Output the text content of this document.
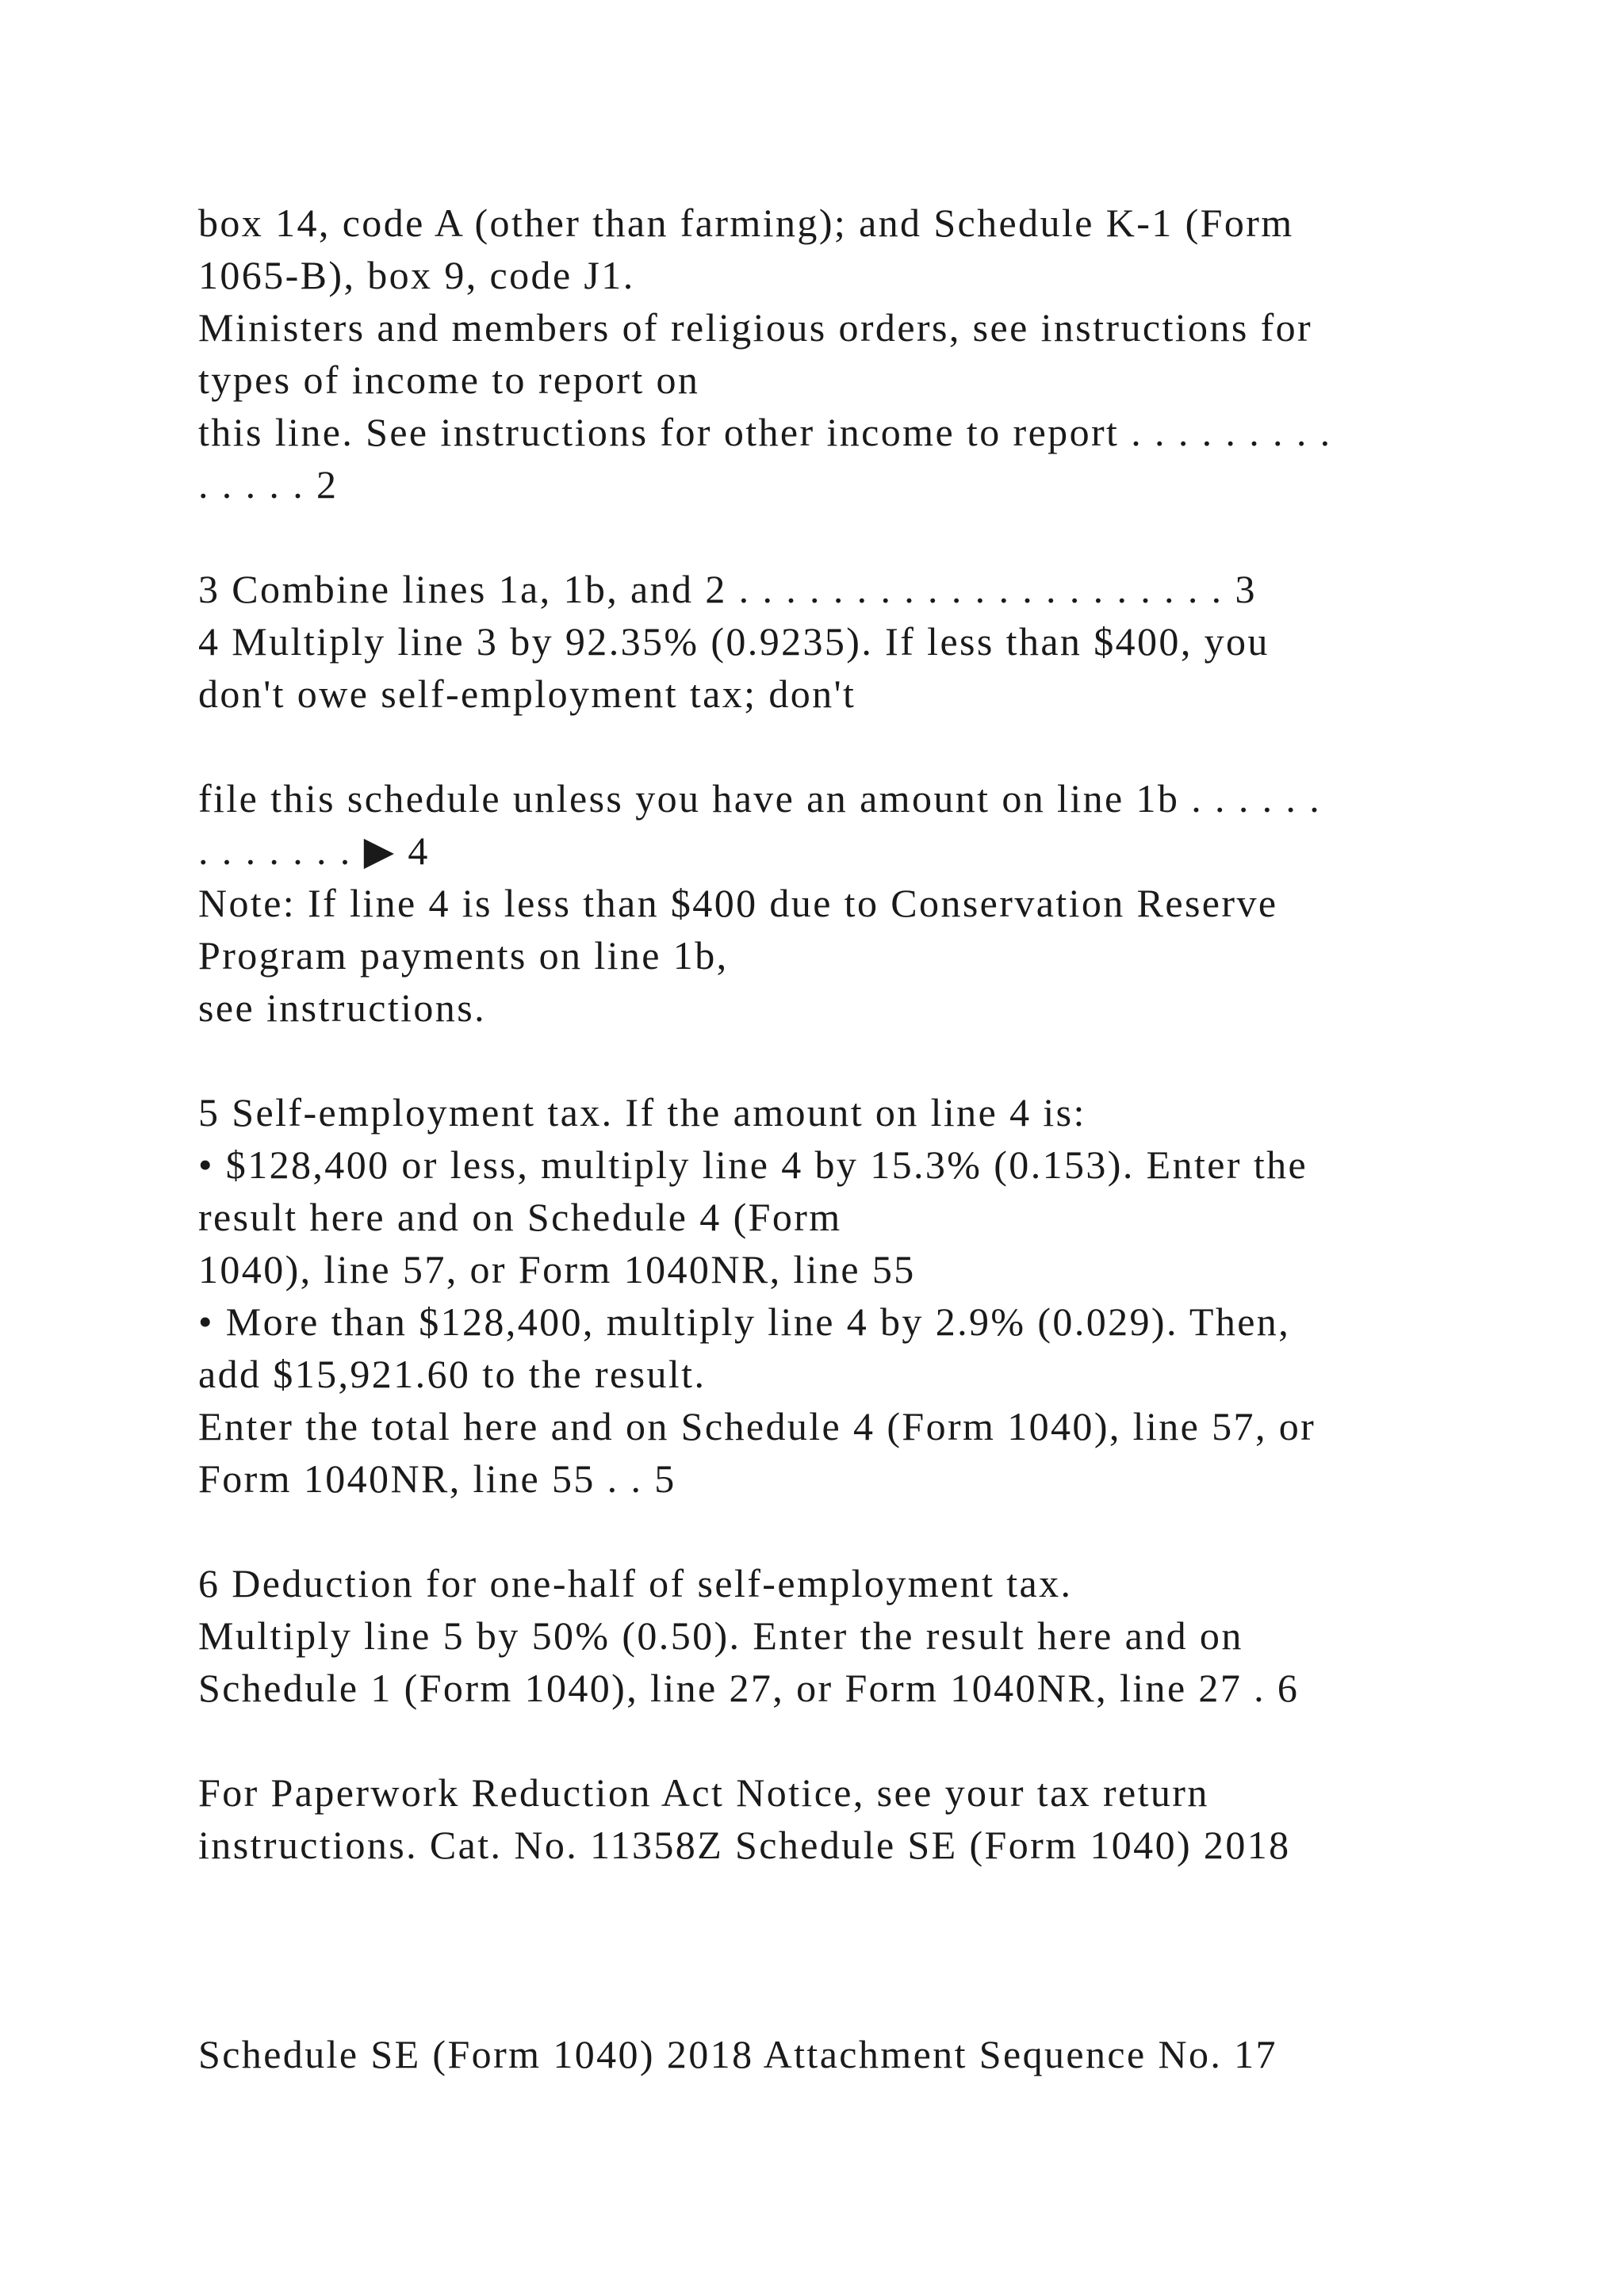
box 14, code A (other than farming); and Schedule K-1 (Form

1065-B), box 9, code J1.

Ministers and members of religious orders, see instructions for

types of income to report on

this line. See instructions for other income to report . . . . . . . . .

. . . . . 2

3 Combine lines 1a, 1b, and 2 . . . . . . . . . . . . . . . . . . . . . 3

4 Multiply line 3 by 92.35% (0.9235). If less than $400, you

don't owe self-employment tax; don't

file this schedule unless you have an amount on line 1b . . . . . .

. . . . . . . ▶ 4

Note: If line 4 is less than $400 due to Conservation Reserve

Program payments on line 1b,

see instructions.

5 Self-employment tax. If the amount on line 4 is:

• $128,400 or less, multiply line 4 by 15.3% (0.153). Enter the

result here and on Schedule 4 (Form

1040), line 57, or Form 1040NR, line 55

• More than $128,400, multiply line 4 by 2.9% (0.029). Then,

add $15,921.60 to the result.

Enter the total here and on Schedule 4 (Form 1040), line 57, or

Form 1040NR, line 55 . . 5

6 Deduction for one-half of self-employment tax.

Multiply line 5 by 50% (0.50). Enter the result here and on

Schedule 1 (Form 1040), line 27, or Form 1040NR, line 27 . 6

For Paperwork Reduction Act Notice, see your tax return

instructions. Cat. No. 11358Z Schedule SE (Form 1040) 2018

Schedule SE (Form 1040) 2018 Attachment Sequence No. 17
